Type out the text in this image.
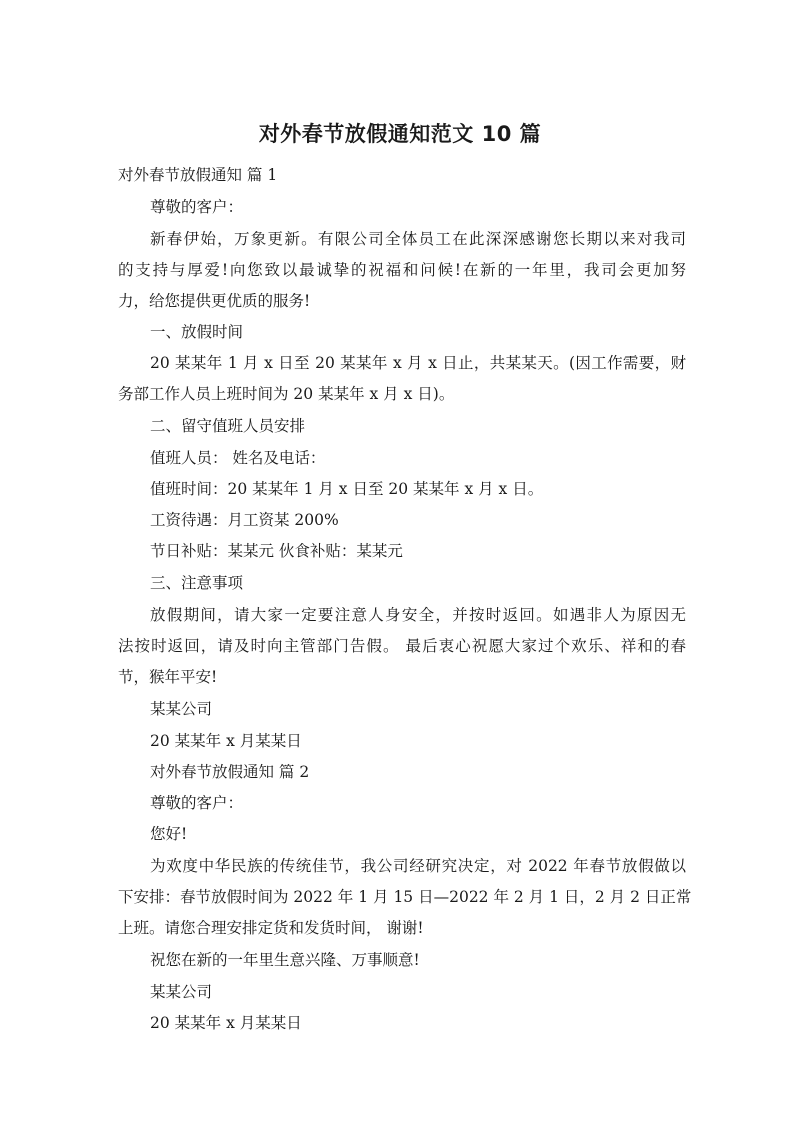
对外春节放假通知范文 10 篇

对外春节放假通知 篇 1

尊敬的客户：

新春伊始，万象更新。有限公司全体员工在此深深感谢您长期以来对我司

的支持与厚爱!向您致以最诚挚的祝福和问候!在新的一年里，我司会更加努

力，给您提供更优质的服务!

一、放假时间

20 某某年 1 月 x 日至 20 某某年 x 月 x 日止，共某某天。(因工作需要，财

务部工作人员上班时间为 20 某某年 x 月 x 日)。

二、留守值班人员安排

值班人员： 姓名及电话：

值班时间：20 某某年 1 月 x 日至 20 某某年 x 月 x 日。

工资待遇：月工资某 200%

节日补贴：某某元 伙食补贴：某某元

三、注意事项

放假期间，请大家一定要注意人身安全，并按时返回。如遇非人为原因无

法按时返回，请及时向主管部门告假。 最后衷心祝愿大家过个欢乐、祥和的春

节，猴年平安!

某某公司

20 某某年 x 月某某日

对外春节放假通知 篇 2

尊敬的客户：

您好!

为欢度中华民族的传统佳节，我公司经研究决定，对 2022 年春节放假做以

下安排：春节放假时间为 2022 年 1 月 15 日—2022 年 2 月 1 日，2 月 2 日正常

上班。请您合理安排定货和发货时间， 谢谢!

祝您在新的一年里生意兴隆、万事顺意!

某某公司

20 某某年 x 月某某日
